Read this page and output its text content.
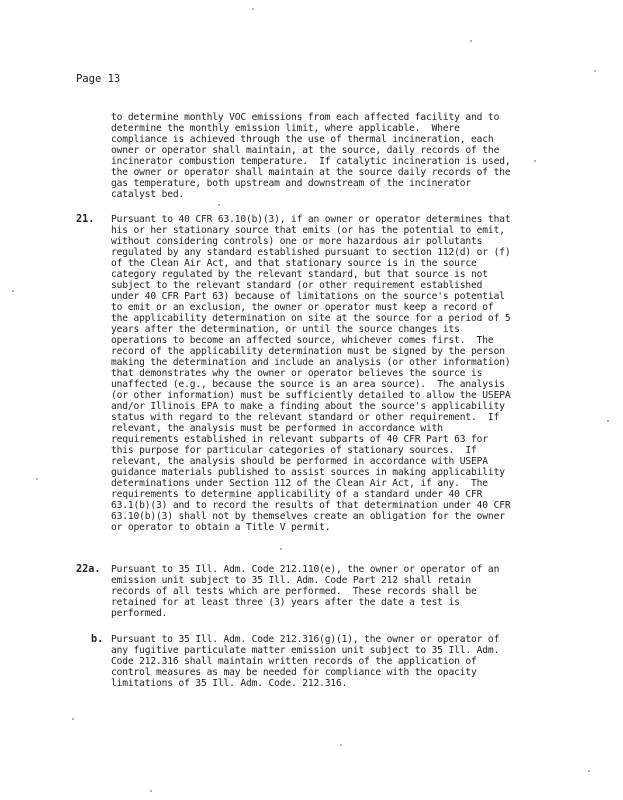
Page 13
to determine monthly VOC emissions from each affected facility and to
determine the monthly emission limit, where applicable.  Where
compliance is achieved through the use of thermal incineration, each
owner or operator shall maintain, at the source, daily records of the
incinerator combustion temperature.  If catalytic incineration is used,
the owner or operator shall maintain at the source daily records of the
gas temperature, both upstream and downstream of the incinerator
catalyst bed.
21. Pursuant to 40 CFR 63.10(b)(3), if an owner or operator determines that
his or her stationary source that emits (or has the potential to emit,
without considering controls) one or more hazardous air pollutants
regulated by any standard established pursuant to section 112(d) or (f)
of the Clean Air Act, and that stationary source is in the source
category regulated by the relevant standard, but that source is not
subject to the relevant standard (or other requirement established
under 40 CFR Part 63) because of limitations on the source's potential
to emit or an exclusion, the owner or operator must keep a record of
the applicability determination on site at the source for a period of 5
years after the determination, or until the source changes its
operations to become an affected source, whichever comes first.  The
record of the applicability determination must be signed by the person
making the determination and include an analysis (or other information)
that demonstrates why the owner or operator believes the source is
unaffected (e.g., because the source is an area source).  The analysis
(or other information) must be sufficiently detailed to allow the USEPA
and/or Illinois EPA to make a finding about the source's applicability
status with regard to the relevant standard or other requirement.  If
relevant, the analysis must be performed in accordance with
requirements established in relevant subparts of 40 CFR Part 63 for
this purpose for particular categories of stationary sources.  If
relevant, the analysis should be performed in accordance with USEPA
guidance materials published to assist sources in making applicability
determinations under Section 112 of the Clean Air Act, if any.  The
requirements to determine applicability of a standard under 40 CFR
63.1(b)(3) and to record the results of that determination under 40 CFR
63.10(b)(3) shall not by themselves create an obligation for the owner
or operator to obtain a Title V permit.
22a. Pursuant to 35 Ill. Adm. Code 212.110(e), the owner or operator of an
emission unit subject to 35 Ill. Adm. Code Part 212 shall retain
records of all tests which are performed.  These records shall be
retained for at least three (3) years after the date a test is
performed.
b. Pursuant to 35 Ill. Adm. Code 212.316(g)(1), the owner or operator of
any fugitive particulate matter emission unit subject to 35 Ill. Adm.
Code 212.316 shall maintain written records of the application of
control measures as may be needed for compliance with the opacity
limitations of 35 Ill. Adm. Code. 212.316.
